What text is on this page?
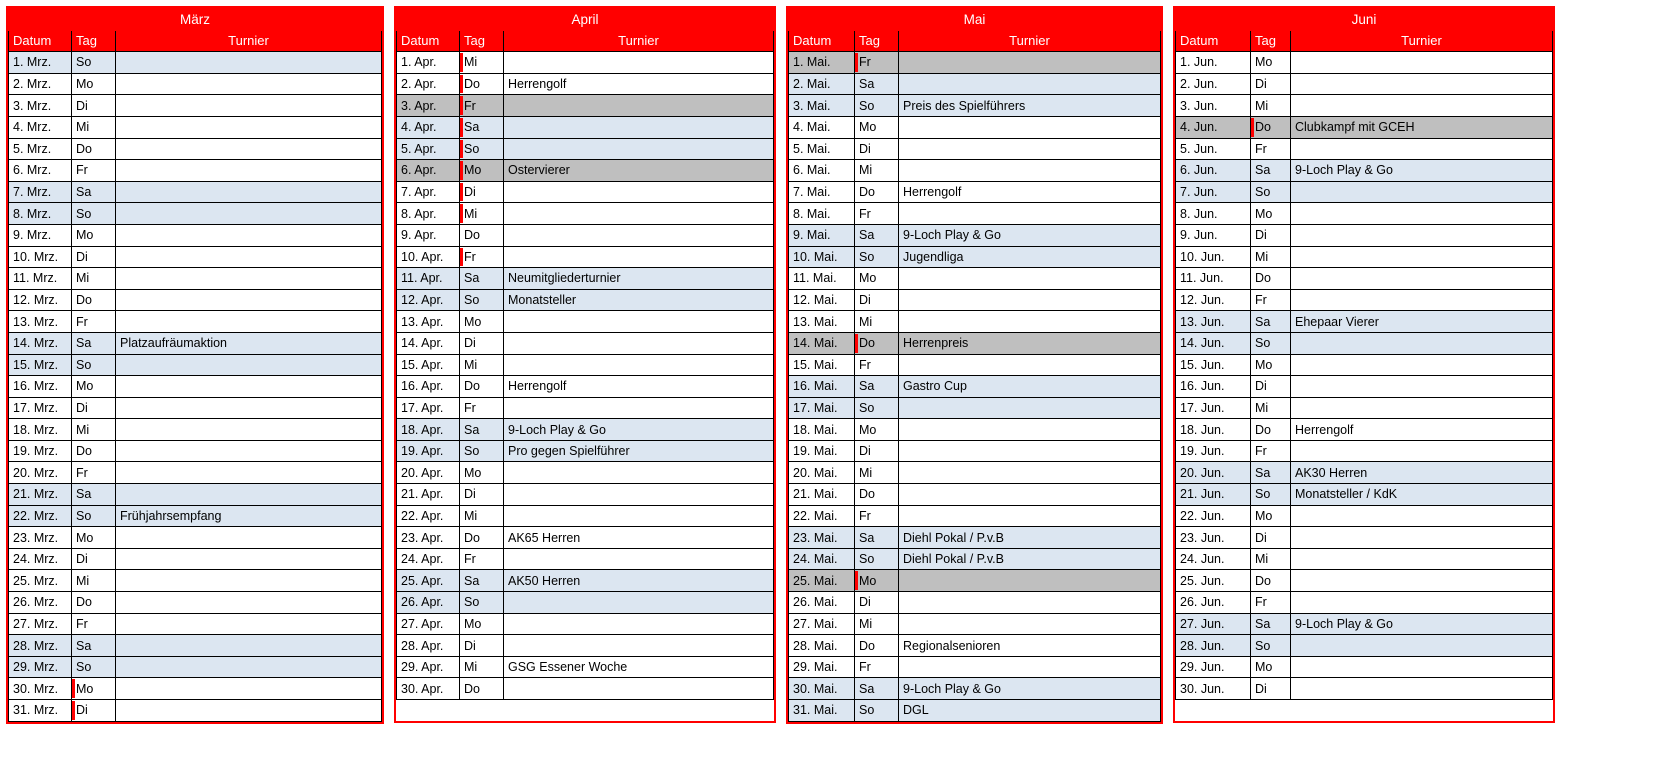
März		
Datum	Tag	Turnier
1. Mrz.	So	
2. Mrz.	Mo	
3. Mrz.	Di	
4. Mrz.	Mi	
5. Mrz.	Do	
6. Mrz.	Fr	
7. Mrz.	Sa	
8. Mrz.	So	
9. Mrz.	Mo	
10. Mrz.	Di	
11. Mrz.	Mi	
12. Mrz.	Do	
13. Mrz.	Fr	
14. Mrz.	Sa	Platzaufräumaktion
15. Mrz.	So	
16. Mrz.	Mo	
17. Mrz.	Di	
18. Mrz.	Mi	
19. Mrz.	Do	
20. Mrz.	Fr	
21. Mrz.	Sa	
22. Mrz.	So	Frühjahrsempfang
23. Mrz.	Mo	
24. Mrz.	Di	
25. Mrz.	Mi	
26. Mrz.	Do	
27. Mrz.	Fr	
28. Mrz.	Sa	
29. Mrz.	So	
30. Mrz.	Mo	
31. Mrz.	Di	
April		
Datum	Tag	Turnier
1. Apr.	Mi	
2. Apr.	Do	Herrengolf
3. Apr.	Fr	
4. Apr.	Sa	
5. Apr.	So	
6. Apr.	Mo	Ostervierer
7. Apr.	Di	
8. Apr.	Mi	
9. Apr.	Do	
10. Apr.	Fr	
11. Apr.	Sa	Neumitgliederturnier
12. Apr.	So	Monatsteller
13. Apr.	Mo	
14. Apr.	Di	
15. Apr.	Mi	
16. Apr.	Do	Herrengolf
17. Apr.	Fr	
18. Apr.	Sa	9-Loch Play & Go
19. Apr.	So	Pro gegen Spielführer
20. Apr.	Mo	
21. Apr.	Di	
22. Apr.	Mi	
23. Apr.	Do	AK65 Herren
24. Apr.	Fr	
25. Apr.	Sa	AK50 Herren
26. Apr.	So	
27. Apr.	Mo	
28. Apr.	Di	
29. Apr.	Mi	GSG Essener Woche
30. Apr.	Do	

Mai		
Datum	Tag	Turnier
1. Mai.	Fr	
2. Mai.	Sa	
3. Mai.	So	Preis des Spielführers
4. Mai.	Mo	
5. Mai.	Di	
6. Mai.	Mi	
7. Mai.	Do	Herrengolf
8. Mai.	Fr	
9. Mai.	Sa	9-Loch Play & Go
10. Mai.	So	Jugendliga
11. Mai.	Mo	
12. Mai.	Di	
13. Mai.	Mi	
14. Mai.	Do	Herrenpreis
15. Mai.	Fr	
16. Mai.	Sa	Gastro Cup
17. Mai.	So	
18. Mai.	Mo	
19. Mai.	Di	
20. Mai.	Mi	
21. Mai.	Do	
22. Mai.	Fr	
23. Mai.	Sa	Diehl Pokal / P.v.B
24. Mai.	So	Diehl Pokal / P.v.B
25. Mai.	Mo	
26. Mai.	Di	
27. Mai.	Mi	
28. Mai.	Do	Regionalsenioren
29. Mai.	Fr	
30. Mai.	Sa	9-Loch Play & Go
31. Mai.	So	DGL
Juni		
Datum	Tag	Turnier
1. Jun.	Mo	
2. Jun.	Di	
3. Jun.	Mi	
4. Jun.	Do	Clubkampf mit GCEH
5. Jun.	Fr	
6. Jun.	Sa	9-Loch Play & Go
7. Jun.	So	
8. Jun.	Mo	
9. Jun.	Di	
10. Jun.	Mi	
11. Jun.	Do	
12. Jun.	Fr	
13. Jun.	Sa	Ehepaar Vierer
14. Jun.	So	
15. Jun.	Mo	
16. Jun.	Di	
17. Jun.	Mi	
18. Jun.	Do	Herrengolf
19. Jun.	Fr	
20. Jun.	Sa	AK30 Herren
21. Jun.	So	Monatsteller / KdK
22. Jun.	Mo	
23. Jun.	Di	
24. Jun.	Mi	
25. Jun.	Do	
26. Jun.	Fr	
27. Jun.	Sa	9-Loch Play & Go
28. Jun.	So	
29. Jun.	Mo	
30. Jun.	Di	
